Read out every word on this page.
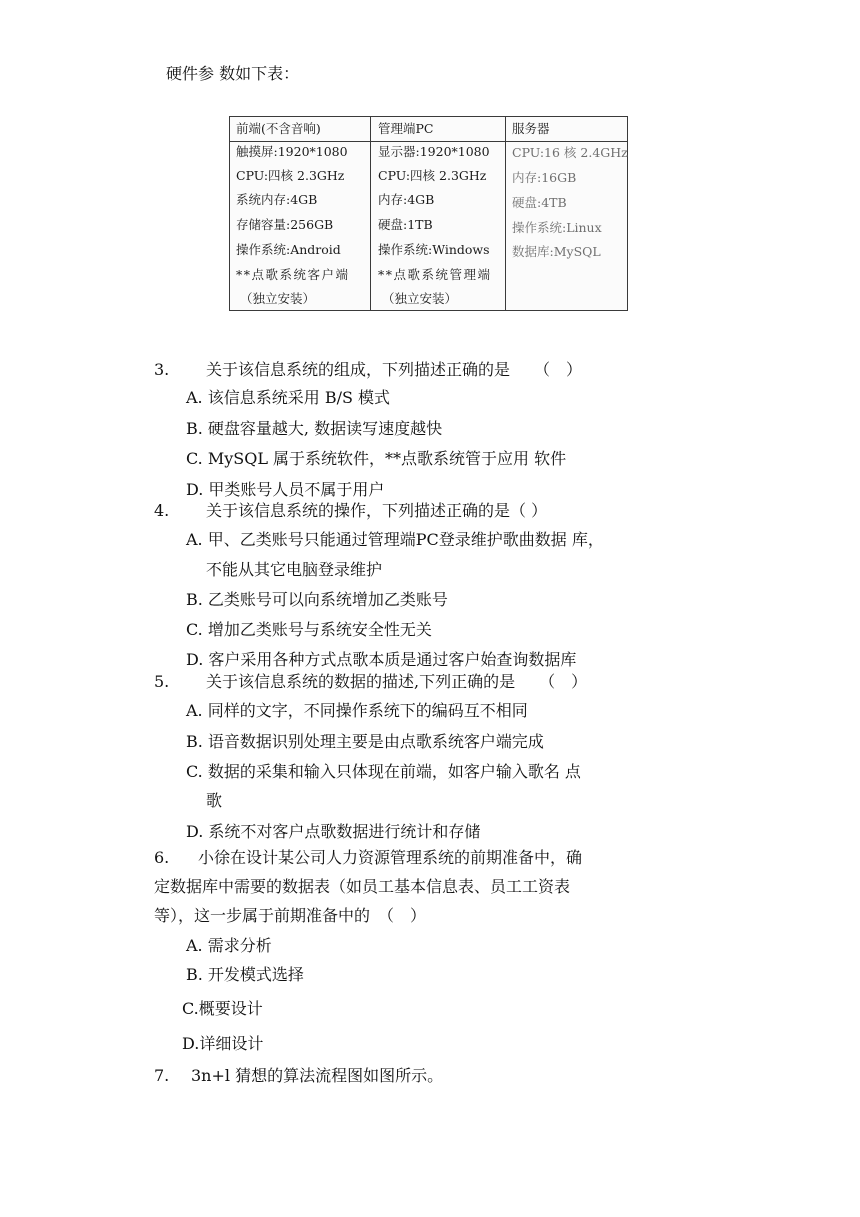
硬件参 数如下表：
前端(不含音响)	管理端PC	服务器
触摸屏:1920*1080
CPU:四核 2.3GHz
系统内存:4GB
存储容量:256GB
操作系统:Android
**点歌系统客户端
（独立安装）
显示器:1920*1080
CPU:四核 2.3GHz
内存:4GB
硬盘:1TB
操作系统:Windows
**点歌系统管理端
（独立安装）
CPU:16 核 2.4GHz
内存:16GB
硬盘:4TB
操作系统:Linux
数据库:MySQL
3. 关于该信息系统的组成，下列描述正确的是　　（　）
A. 该信息系统采用 B/S 模式
B. 硬盘容量越大, 数据读写速度越快
C. MySQL 属于系统软件，**点歌系统管于应用 软件
D. 甲类账号人员不属于用户
4. 关于该信息系统的操作，下列描述正确的是（ ）
A. 甲、乙类账号只能通过管理端PC登录维护歌曲数据 库，
不能从其它电脑登录维护
B. 乙类账号可以向系统增加乙类账号
C. 增加乙类账号与系统安全性无关
D. 客户采用各种方式点歌本质是通过客户始查询数据库
5. 关于该信息系统的数据的描述,下列正确的是　　（　）
A. 同样的文字，不同操作系统下的编码互不相同
B. 语音数据识别处理主要是由点歌系统客户端完成
C. 数据的采集和输入只体现在前端，如客户输入歌名 点
歌
D. 系统不对客户点歌数据进行统计和存储
6. 小徐在设计某公司人力资源管理系统的前期准备中，确
定数据库中需要的数据表（如员工基本信息表、员工工资表
等），这一步属于前期准备中的　（　）
A. 需求分析
B. 开发模式选择
C.概要设计
D.详细设计
7. 3n+l 猜想的算法流程图如图所示。
